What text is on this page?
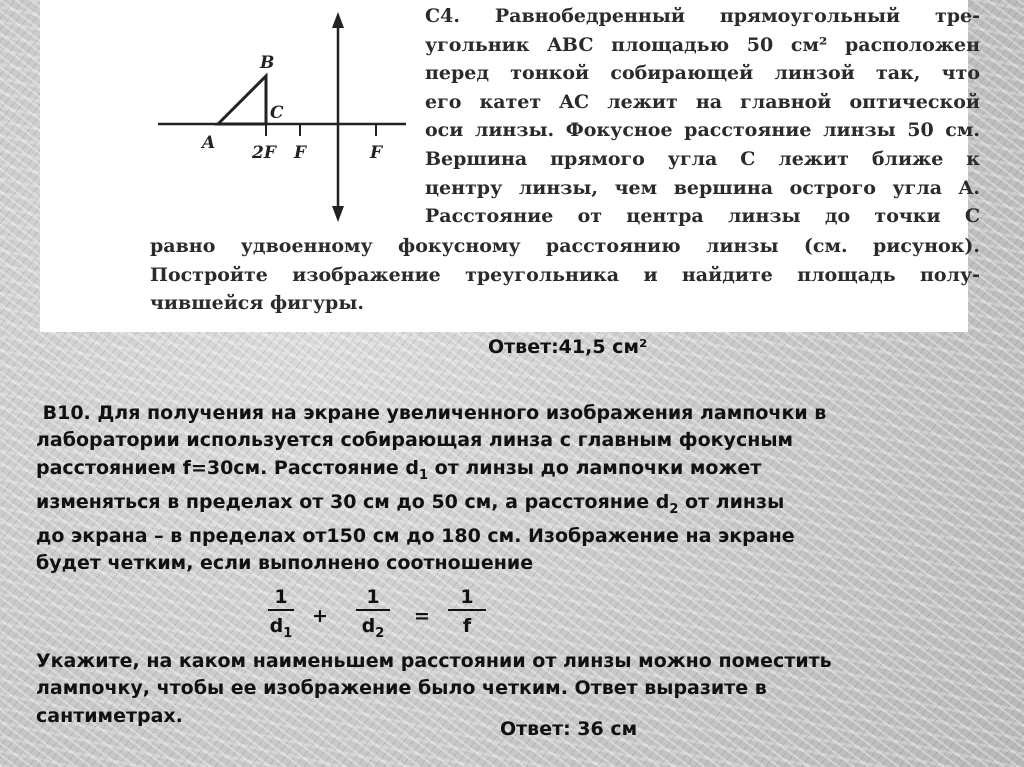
A
B
C
2F F	F
С4. Равнобедренный прямоугольный тре-
угольник ABC площадью 50 см² расположен
перед тонкой собирающей линзой так, что
его катет AC лежит на главной оптической
оси линзы. Фокусное расстояние линзы 50 см.
Вершина прямого угла C лежит ближе к
центру линзы, чем вершина острого угла A.
Расстояние от центра линзы до точки C
равно удвоенному фокусному расстоянию линзы (см. рисунок).
Постройте изображение треугольника и найдите площадь полу-
чившейся фигуры.
Ответ:41,5 см²
В10. Для получения на экране увеличенного изображения лампочки в
лаборатории используется собирающая линза с главным фокусным
расстоянием f=30см. Расстояние $d_1$ от линзы до лампочки может
изменяться в пределах от 30 см до 50 см, а расстояние $d_2$ от линзы
до экрана – в пределах от150 см до 180 см. Изображение на экране
будет четким, если выполнено соотношение
1
$d_1$
+
1
$d_2$
=
1
f
Укажите, на каком наименьшем расстоянии от линзы можно поместить
лампочку, чтобы ее изображение было четким. Ответ выразите в
сантиметрах.
Ответ: 36 см
